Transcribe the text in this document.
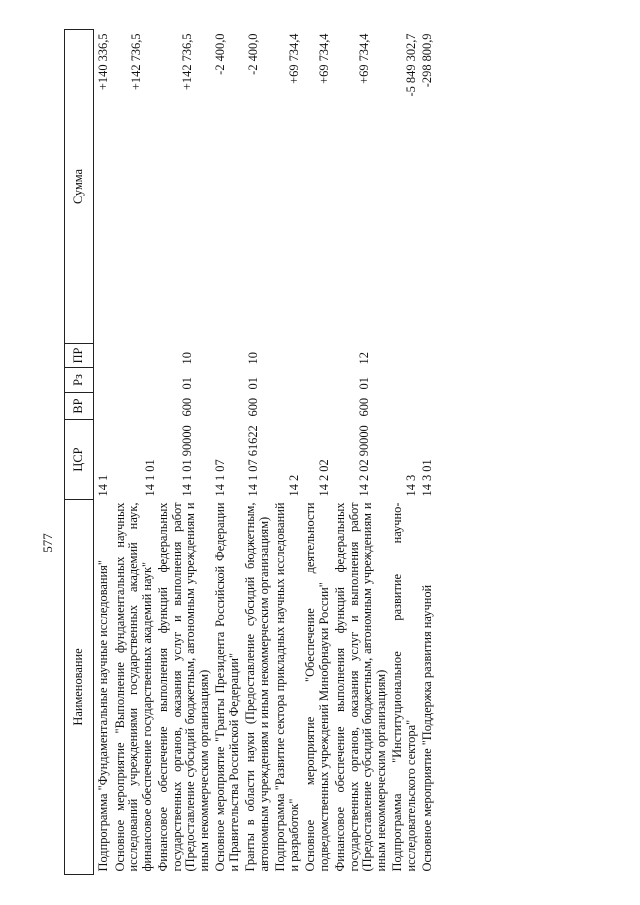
577
Наименование	ЦСР	ВР	Рз	ПР	Сумма
Подпрограмма "Фундаментальные научные исследования"	14 1				+140 336,5
Основное мероприятие "Выполнение фундаментальных научных исследований учреждениями государственных академий наук, финансовое обеспечение государственных академий наук"	14 1 01				+142 736,5
Финансовое обеспечение выполнения функций федеральных государственных органов, оказания услуг и выполнения работ (Предоставление субсидий бюджетным, автономным учреждениям и иным некоммерческим организациям)	14 1 01 90000	600	01	10	+142 736,5
Основное мероприятие "Гранты Президента Российской Федерации и Правительства Российской Федерации"	14 1 07				-2 400,0
Гранты в области науки (Предоставление субсидий бюджетным, автономным учреждениям и иным некоммерческим организациям)	14 1 07 61622	600	01	10	-2 400,0
Подпрограмма "Развитие сектора прикладных научных исследований и разработок"	14 2				+69 734,4
Основное мероприятие "Обеспечение деятельности подведомственных учреждений Минобрнауки России"	14 2 02				+69 734,4
Финансовое обеспечение выполнения функций федеральных государственных органов, оказания услуг и выполнения работ (Предоставление субсидий бюджетным, автономным учреждениям и иным некоммерческим организациям)	14 2 02 90000	600	01	12	+69 734,4
Подпрограмма "Институциональное развитие научно-исследовательского сектора"	14 3				-5 849 302,7
Основное мероприятие "Поддержка развития научной	14 3 01				-298 800,9
